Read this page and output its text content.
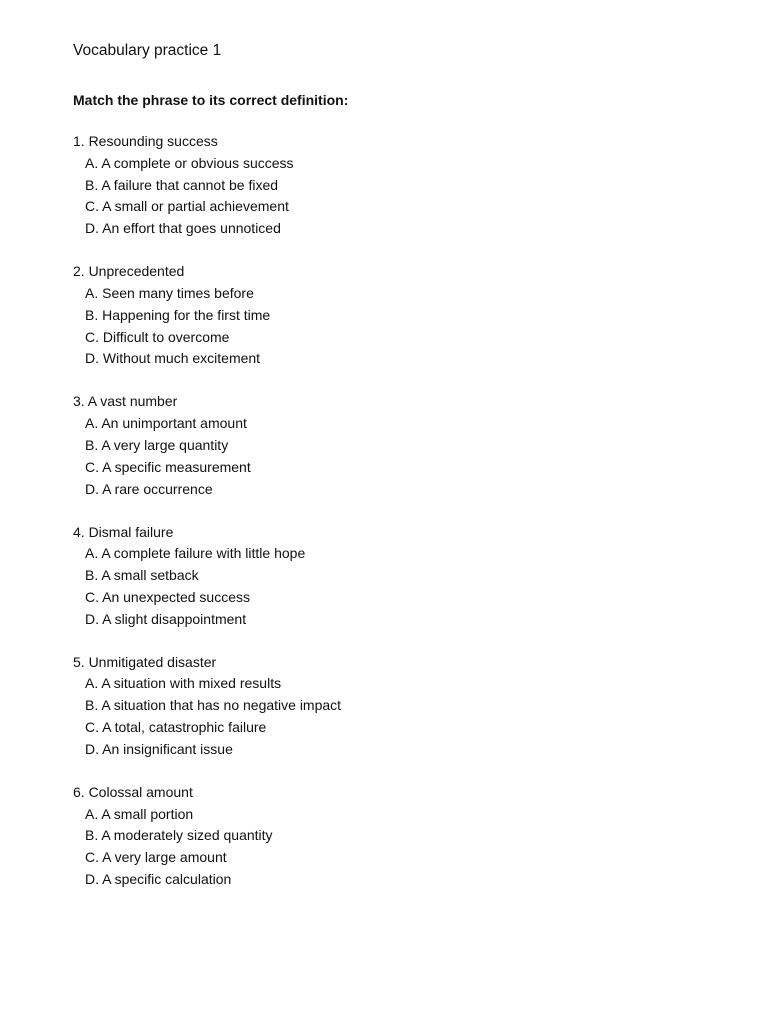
Vocabulary practice 1
Match the phrase to its correct definition:
1. Resounding success
A. A complete or obvious success
B. A failure that cannot be fixed
C. A small or partial achievement
D. An effort that goes unnoticed
2. Unprecedented
A. Seen many times before
B. Happening for the first time
C. Difficult to overcome
D. Without much excitement
3. A vast number
A. An unimportant amount
B. A very large quantity
C. A specific measurement
D. A rare occurrence
4. Dismal failure
A. A complete failure with little hope
B. A small setback
C. An unexpected success
D. A slight disappointment
5. Unmitigated disaster
A. A situation with mixed results
B. A situation that has no negative impact
C. A total, catastrophic failure
D. An insignificant issue
6. Colossal amount
A. A small portion
B. A moderately sized quantity
C. A very large amount
D. A specific calculation
